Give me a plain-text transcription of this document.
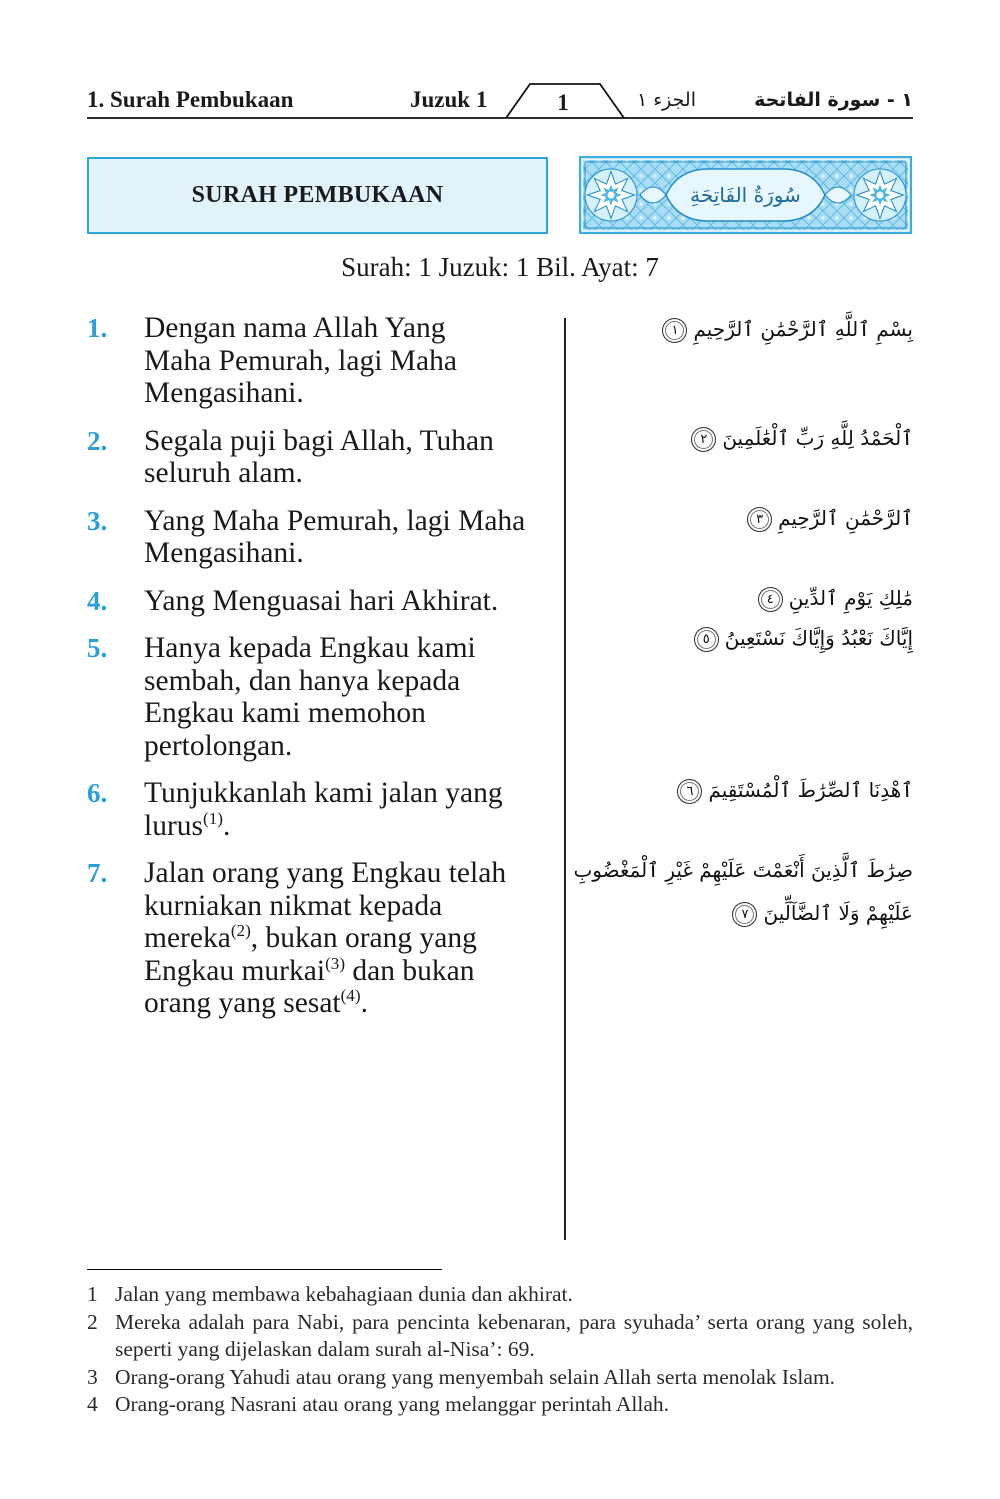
1. Surah Pembukaan	Juzuk 1	1	الجزء ١	١ - سورة الفاتحة
SURAH PEMBUKAAN	سُورَةُ الفَاتِحَةِ
Surah: 1 Juzuk: 1 Bil. Ayat: 7
1.	Dengan nama Allah Yang
Maha Pemurah, lagi Maha
Mengasihani.
بِسْمِ ٱللَّهِ ٱلرَّحْمَٰنِ ٱلرَّحِيمِ١
2.	Segala puji bagi Allah, Tuhan
seluruh alam.
ٱلْحَمْدُ لِلَّهِ رَبِّ ٱلْعَٰلَمِينَ٢
3.	Yang Maha Pemurah, lagi Maha
Mengasihani.
ٱلرَّحْمَٰنِ ٱلرَّحِيمِ٣
4.	Yang Menguasai hari Akhirat.	مَٰلِكِ يَوْمِ ٱلدِّينِ٤
5.	Hanya kepada Engkau kami
sembah, dan hanya kepada
Engkau kami memohon
pertolongan.
إِيَّاكَ نَعْبُدُ وَإِيَّاكَ نَسْتَعِينُ٥
6.	Tunjukkanlah kami jalan yang
lurus$^{(1)}$.
ٱهْدِنَا ٱلصِّرَٰطَ ٱلْمُسْتَقِيمَ٦
7.	Jalan orang yang Engkau telah
kurniakan nikmat kepada
mereka$^{(2)}$, bukan orang yang
Engkau murkai$^{(3)}$ dan bukan
orang yang sesat$^{(4)}$.
صِرَٰطَ ٱلَّذِينَ أَنْعَمْتَ عَلَيْهِمْ غَيْرِ ٱلْمَغْضُوبِ
عَلَيْهِمْ وَلَا ٱلضَّآلِّينَ٧
1 Jalan yang membawa kebahagiaan dunia dan akhirat.
2 Mereka adalah para Nabi, para pencinta kebenaran, para syuhada’ serta orang yang soleh,
seperti yang dijelaskan dalam surah al-Nisa’: 69.
3 Orang-orang Yahudi atau orang yang menyembah selain Allah serta menolak Islam.
4 Orang-orang Nasrani atau orang yang melanggar perintah Allah.
